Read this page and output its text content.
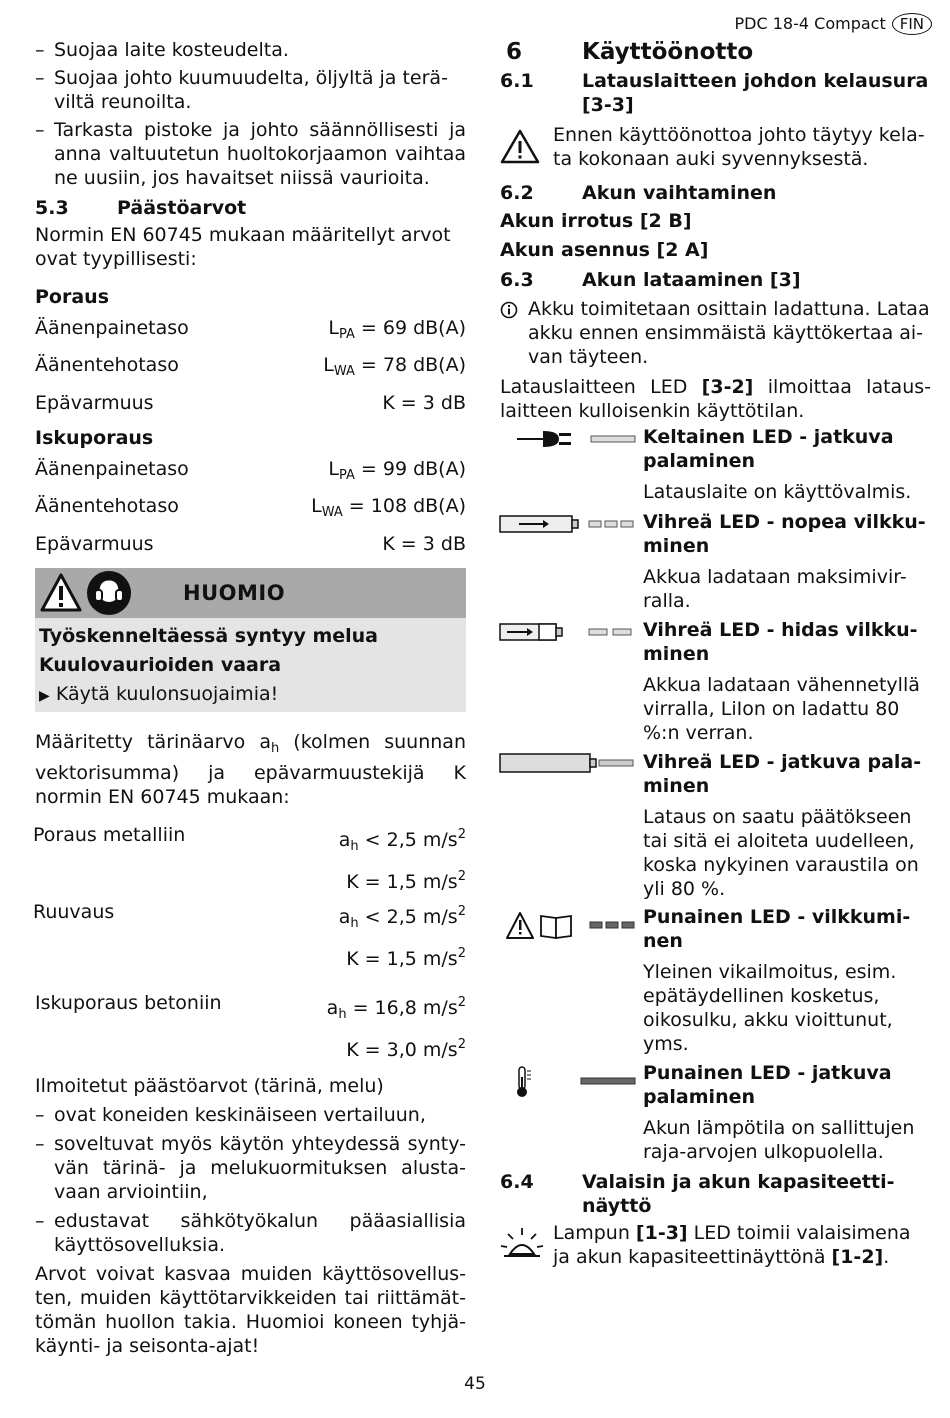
PDC 18-4 Compact FIN
– Suojaa laite kosteudelta.
– Suojaa johto kuumuudelta, öljyltä ja terä-viltä reunoilta.
– Tarkasta pistoke ja johto säännöllisesti ja anna valtuutetun huoltokorjaamon vaihtaa ne uusiin, jos havaitset niissä vaurioita.
5.3	Päästöarvot
Normin EN 60745 mukaan määritellyt arvot ovat tyypillisesti:
Poraus
Äänenpainetaso	$L_{PA} = 69$ dB(A)
Äänentehotaso	$L_{WA} = 78$ dB(A)
Epävarmuus	K = 3 dB
Iskuporaus
Äänenpainetaso	$L_{PA} = 99$ dB(A)
Äänentehotaso	$L_{WA} = 108$ dB(A)
Epävarmuus	K = 3 dB
HUOMIO
Työskenneltäessä syntyy melua
Kuulovaurioiden vaara
▶ Käytä kuulonsuojaimia!
Määritetty tärinäarvo $a_h$ (kolmen suunnan vektorisumma) ja epävarmuustekijä K normin EN 60745 mukaan:
Poraus metalliin	$a_h < 2,5$ $m/s^2$
K = 1,5 $m/s^2$
Ruuvaus	$a_h < 2,5$ $m/s^2$
K = 1,5 $m/s^2$
Iskuporaus betoniin	$a_h = 16,8$ $m/s^2$
K = 3,0 $m/s^2$
Ilmoitetut päästöarvot (tärinä, melu)
– ovat koneiden keskinäiseen vertailuun,
– soveltuvat myös käytön yhteydessä synty-vän tärinä- ja melukuormituksen alusta-vaan arviointiin,
– edustavat sähkötyökalun pääasiallisia käyttösovelluksia.
Arvot voivat kasvaa muiden käyttösovellus-ten, muiden käyttötarvikkeiden tai riittämät-tömän huollon takia. Huomioi koneen tyhjä-käynti- ja seisonta-ajat!
6	Käyttöönotto
6.1	Latauslaitteen johdon kelausura [3-3]
Ennen käyttöönottoa johto täytyy kela-ta kokonaan auki syvennyksestä.
6.2	Akun vaihtaminen
Akun irrotus [2 B]
Akun asennus [2 A]
6.3	Akun lataaminen [3]
Akku toimitetaan osittain ladattuna. Lataa akku ennen ensimmäistä käyttökertaa ai-van täyteen.
Latauslaitteen LED [3-2] ilmoittaa lataus-laitteen kulloisenkin käyttötilan.
Keltainen LED - jatkuva palaminen
Latauslaite on käyttövalmis.
Vihreä LED - nopea vilkku-minen
Akkua ladataan maksimivir-ralla.
Vihreä LED - hidas vilkku-minen
Akkua ladataan vähennetyllä virralla, LiIon on ladattu 80 %:n verran.
Vihreä LED - jatkuva pala-minen
Lataus on saatu päätökseen tai sitä ei aloiteta uudelleen, koska nykyinen varaustila on yli 80 %.
Punainen LED - vilkkumi-nen
Yleinen vikailmoitus, esim. epätäydellinen kosketus, oikosulku, akku vioittunut, yms.
Punainen LED - jatkuva palaminen
Akun lämpötila on sallittujen raja-arvojen ulkopuolella.
6.4	Valaisin ja akun kapasiteetti-näyttö
Lampun [1-3] LED toimii valaisimena ja akun kapasiteettinäyttönä [1-2].
45
